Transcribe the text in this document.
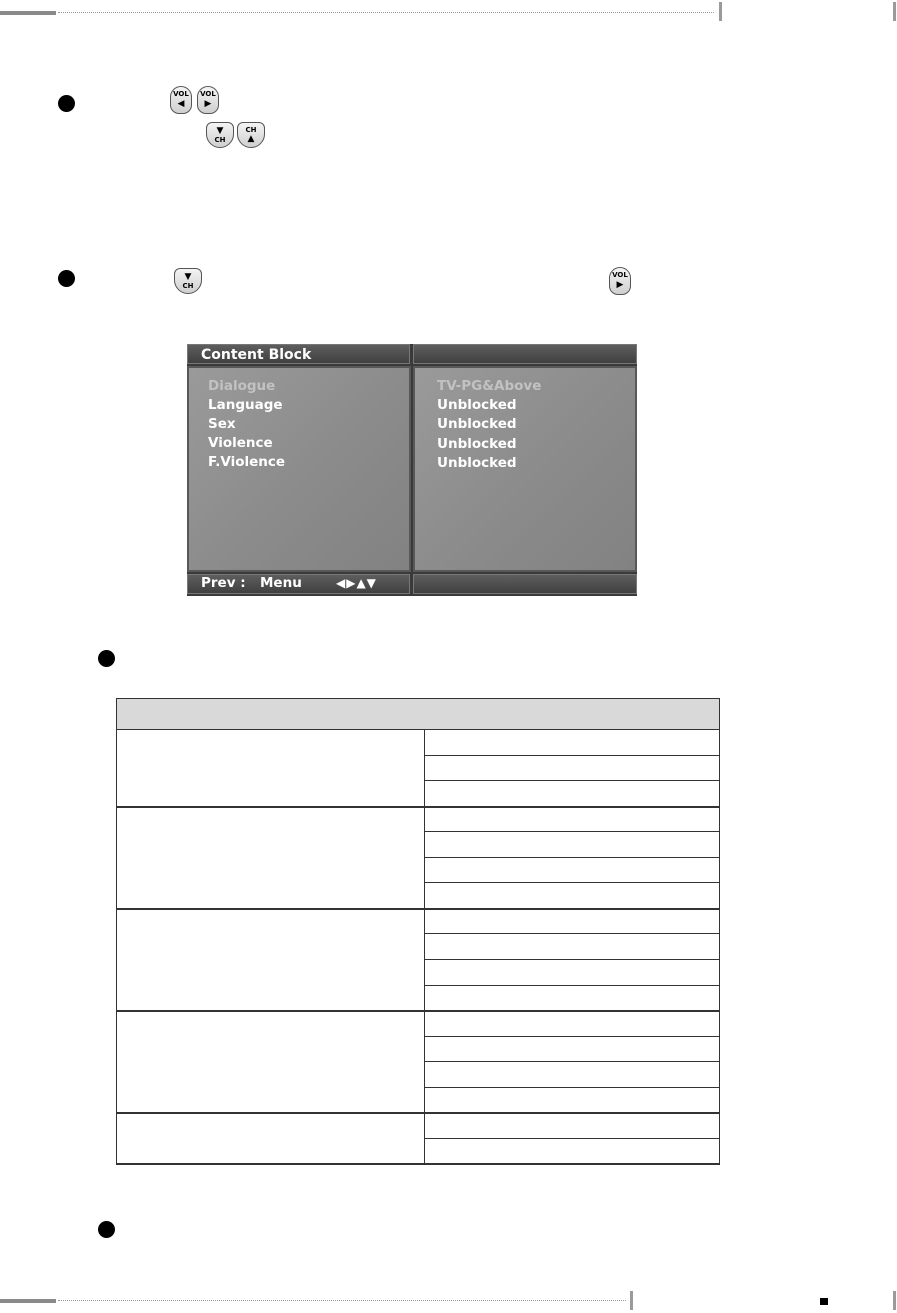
VOL
◀
VOL
▶
▼
CH
CH
▲
▼
CH
VOL
▶
Content Block
Dialogue
Language
Sex
Violence
F.Violence
TV-PG&Above
Unblocked
Unblocked
Unblocked
Unblocked
Prev : Menu	◀▶▲▼
